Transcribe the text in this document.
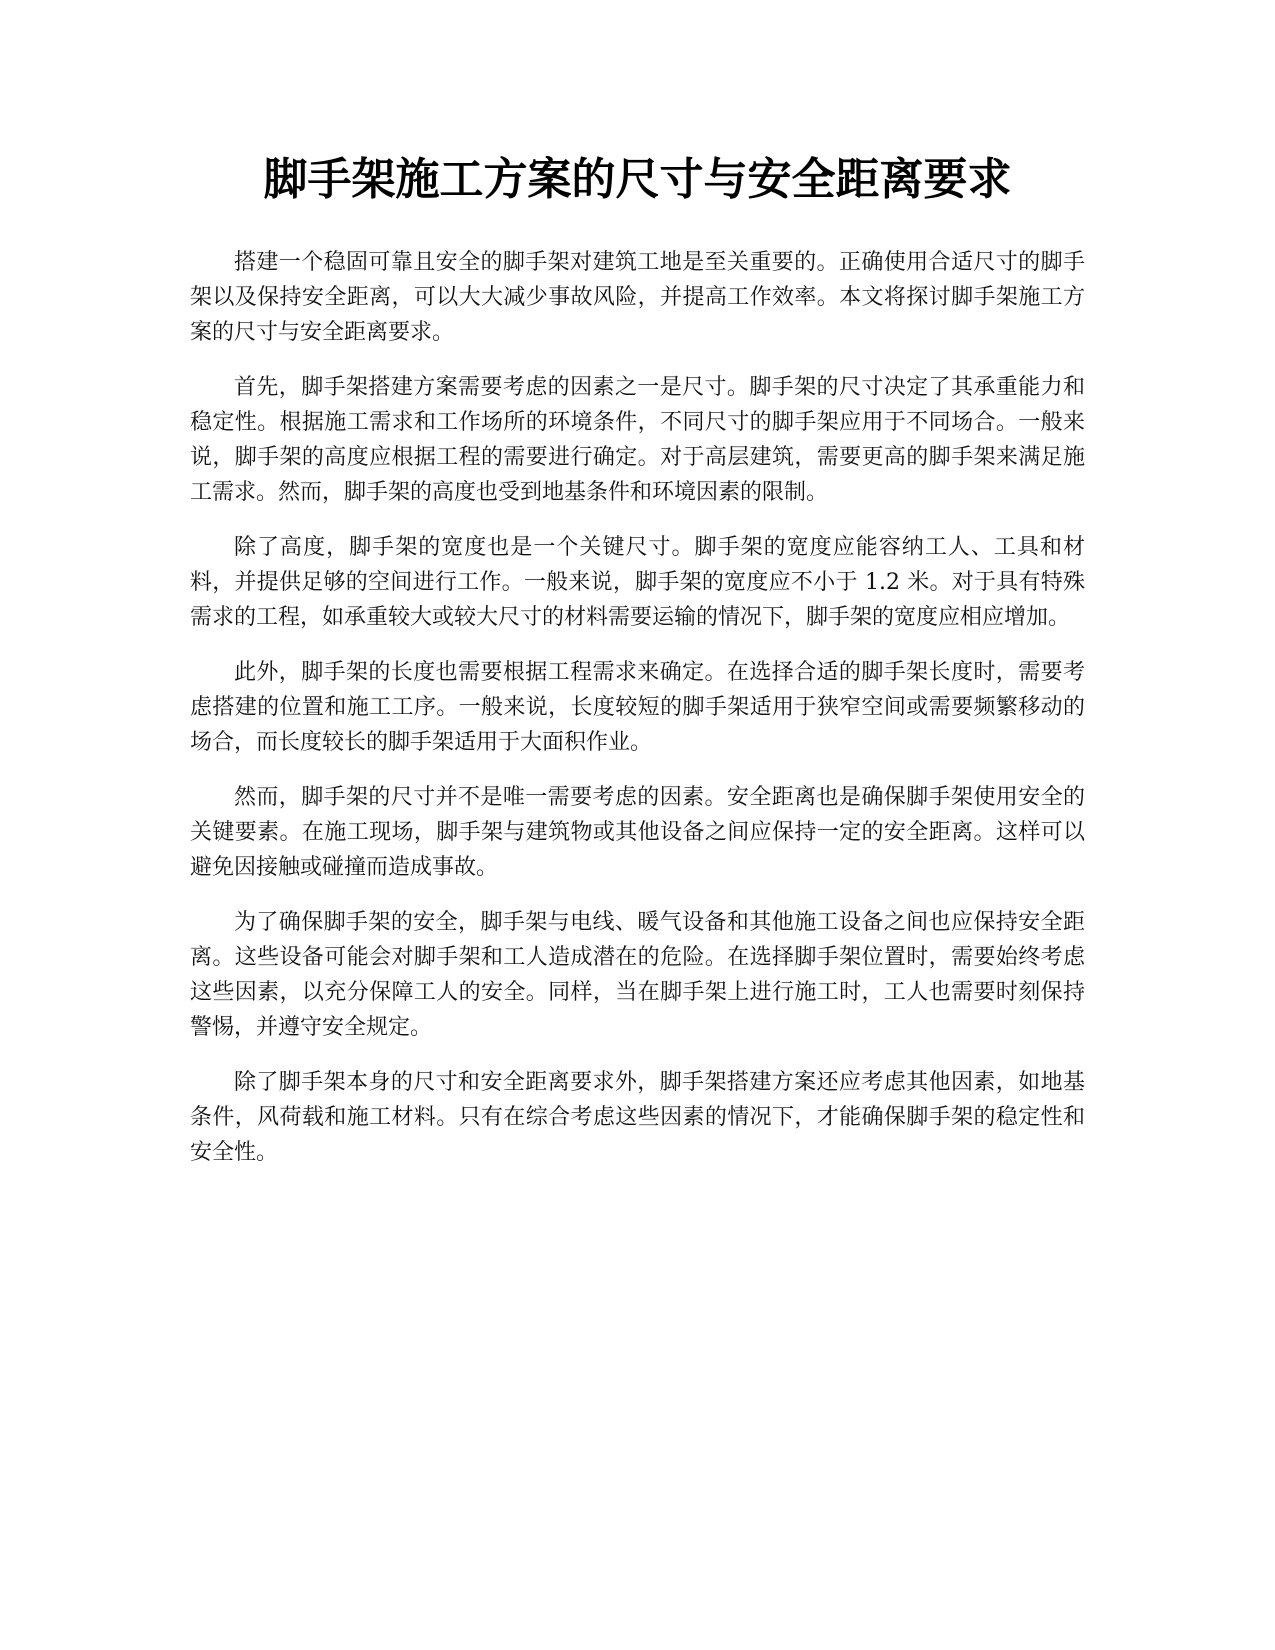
脚手架施工方案的尺寸与安全距离要求

搭建一个稳固可靠且安全的脚手架对建筑工地是至关重要的。正确使用合适尺寸的脚手架以及保持安全距离，可以大大减少事故风险，并提高工作效率。本文将探讨脚手架施工方案的尺寸与安全距离要求。

首先，脚手架搭建方案需要考虑的因素之一是尺寸。脚手架的尺寸决定了其承重能力和稳定性。根据施工需求和工作场所的环境条件，不同尺寸的脚手架应用于不同场合。一般来说，脚手架的高度应根据工程的需要进行确定。对于高层建筑，需要更高的脚手架来满足施工需求。然而，脚手架的高度也受到地基条件和环境因素的限制。

除了高度，脚手架的宽度也是一个关键尺寸。脚手架的宽度应能容纳工人、工具和材料，并提供足够的空间进行工作。一般来说，脚手架的宽度应不小于 1.2 米。对于具有特殊需求的工程，如承重较大或较大尺寸的材料需要运输的情况下，脚手架的宽度应相应增加。

此外，脚手架的长度也需要根据工程需求来确定。在选择合适的脚手架长度时，需要考虑搭建的位置和施工工序。一般来说，长度较短的脚手架适用于狭窄空间或需要频繁移动的场合，而长度较长的脚手架适用于大面积作业。

然而，脚手架的尺寸并不是唯一需要考虑的因素。安全距离也是确保脚手架使用安全的关键要素。在施工现场，脚手架与建筑物或其他设备之间应保持一定的安全距离。这样可以避免因接触或碰撞而造成事故。

为了确保脚手架的安全，脚手架与电线、暖气设备和其他施工设备之间也应保持安全距离。这些设备可能会对脚手架和工人造成潜在的危险。在选择脚手架位置时，需要始终考虑这些因素，以充分保障工人的安全。同样，当在脚手架上进行施工时，工人也需要时刻保持警惕，并遵守安全规定。

除了脚手架本身的尺寸和安全距离要求外，脚手架搭建方案还应考虑其他因素，如地基条件，风荷载和施工材料。只有在综合考虑这些因素的情况下，才能确保脚手架的稳定性和安全性。
